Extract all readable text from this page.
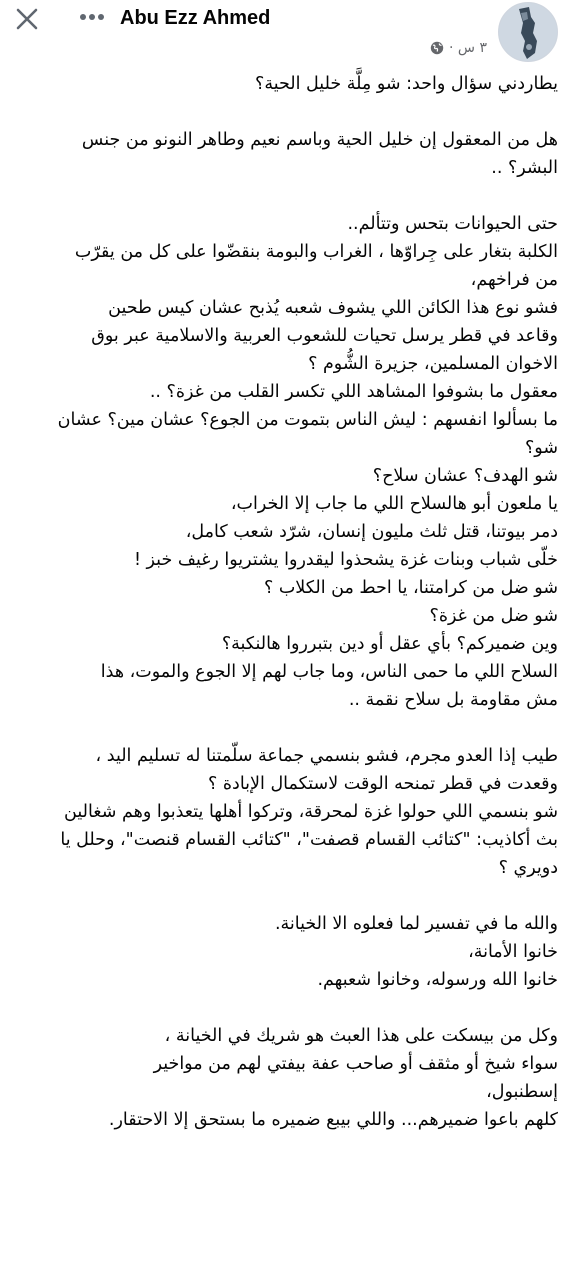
Abu Ezz Ahmed
٣ س ·
يطاردني سؤال واحد: شو مِلَّة خليل الحية؟
هل من المعقول إن خليل الحية وباسم نعيم وطاهر النونو من جنس
البشر؟ ..
حتى الحيوانات بتحس وتتألم..
الكلبة بتغار على جِراوّها ، الغراب والبومة بنقضّوا على كل من يقرّب
من فراخهم،
فشو نوع هذا الكائن اللي يشوف شعبه يُذبح عشان كيس طحين
وقاعد في قطر يرسل تحيات للشعوب العربية والاسلامية عبر بوق
الاخوان المسلمين، جزيرة الشُّوم ؟
معقول ما بشوفوا المشاهد اللي تكسر القلب من غزة؟ ..
ما بسألوا انفسهم : ليش الناس بتموت من الجوع؟ عشان مين؟ عشان
شو؟
شو الهدف؟ عشان سلاح؟
يا ملعون أبو هالسلاح اللي ما جاب إلا الخراب،
دمر بيوتنا، قتل ثلث مليون إنسان، شرّد شعب كامل،
خلّى شباب وبنات غزة يشحذوا ليقدروا يشتريوا رغيف خبز !
شو ضل من كرامتنا، يا احط من الكلاب ؟
شو ضل من غزة؟
وين ضميركم؟ بأي عقل أو دين بتبرروا هالنكبة؟
السلاح اللي ما حمى الناس، وما جاب لهم إلا الجوع والموت، هذا
مش مقاومة بل سلاح نقمة ..
طيب إذا العدو مجرم، فشو بنسمي جماعة سلّمتنا له تسليم اليد ،
وقعدت في قطر تمنحه الوقت لاستكمال الإبادة ؟
شو بنسمي اللي حولوا غزة لمحرقة، وتركوا أهلها يتعذبوا وهم شغالين
بث أكاذيب: "كتائب القسام قصفت"، "كتائب القسام قنصت"، وحلل يا
دويري ؟
والله ما في تفسير لما فعلوه الا الخيانة.
خانوا الأمانة،
خانوا الله ورسوله، وخانوا شعبهم.
وكل من بيسكت على هذا العبث هو شريك في الخيانة ،
سواء شيخ أو مثقف أو صاحب عفة بيفتي لهم من مواخير
إسطنبول،
كلهم باعوا ضميرهم... واللي بيبع ضميره ما بستحق إلا الاحتقار.
